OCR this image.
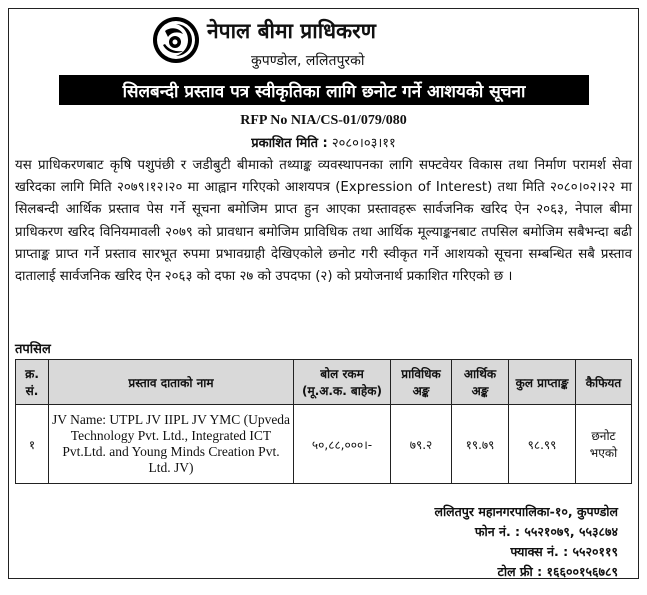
नेपाल बीमा प्राधिकरण
कुपण्डोल, ललितपुरको
सिलबन्दी प्रस्ताव पत्र स्वीकृतिका लागि छनोट गर्ने आशयको सूचना
RFP No NIA/CS-01/079/080
प्रकाशित मिति : २०८०।०३।११
यस प्राधिकरणबाट कृषि पशुपंछी र जडीबुटी बीमाको तथ्याङ्क व्यवस्थापनका लागि सफ्टवेयर विकास तथा निर्माण परामर्श सेवा खरिदका लागि मिति २०७९।१२।२० मा आह्वान गरिएको आशयपत्र (Expression of Interest) तथा मिति २०८०।०२।२२ मा सिलबन्दी आर्थिक प्रस्ताव पेस गर्ने सूचना बमोजिम प्राप्त हुन आएका प्रस्तावहरू सार्वजनिक खरिद ऐन २०६३, नेपाल बीमा प्राधिकरण खरिद विनियमावली २०७९ को प्रावधान बमोजिम प्राविधिक तथा आर्थिक मूल्याङ्कनबाट तपसिल बमोजिम सबैभन्दा बढी प्राप्ताङ्क प्राप्त गर्ने प्रस्ताव सारभूत रुपमा प्रभावग्राही देखिएकोले छनोट गरी स्वीकृत गर्ने आशयको सूचना सम्बन्धित सबै प्रस्ताव दाताला‌ई सार्वजनिक खरिद ऐन २०६३ को दफा २७ को उपदफा (२) को प्रयोजनार्थ प्रकाशित गरिएको छ ।
तपसिल
क्र. सं.	प्रस्ताव दाताको नाम	बोल रकम (मू.अ.क. बाहेक)	प्राविधिक अङ्क	आर्थिक अङ्क	कुल प्राप्ताङ्क	कैफियत
१	JV Name: UTPL JV IIPL JV YMC (Upveda Technology Pvt. Ltd., Integrated ICT Pvt.Ltd. and Young Minds Creation Pvt. Ltd. JV)	५०,८८,०००।-	७९.२	१९.७९	९८.९९	छनोट भएको
ललितपुर महानगरपालिका-१०, कुपण्डोल
फोन नं. : ५५२१०७९, ५५३८७४
फ्याक्स नं. : ५५२०११९
टोल फ्री : १६६००१५६७८९
